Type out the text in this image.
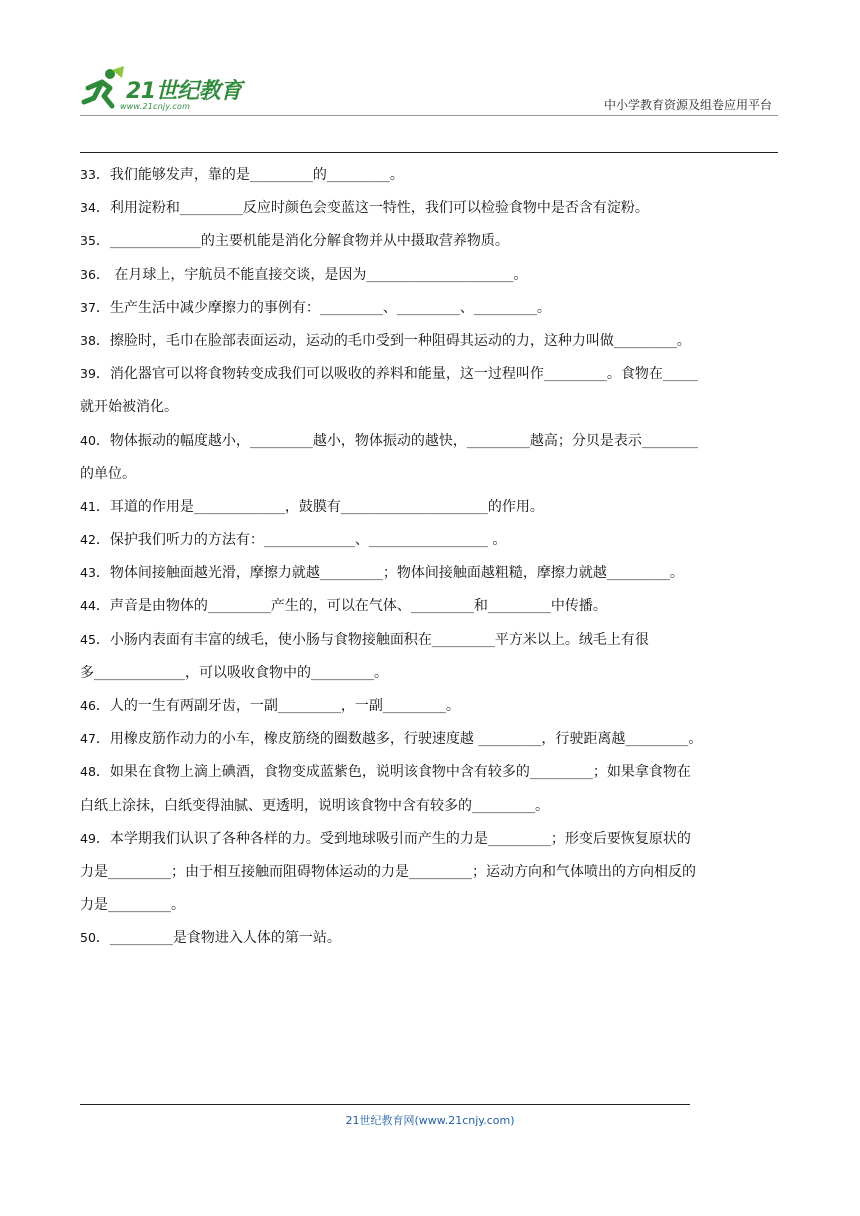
21世纪教育
www.21cnjy.com	中小学教育资源及组卷应用平台
33．我们能够发声，靠的是_________的_________。
34．利用淀粉和_________反应时颜色会变蓝这一特性，我们可以检验食物中是否含有淀粉。
35．_____________的主要机能是消化分解食物并从中摄取营养物质。
36． 在月球上，宇航员不能直接交谈，是因为_____________________。
37．生产生活中减少摩擦力的事例有：_________、_________、_________。
38．擦脸时，毛巾在脸部表面运动，运动的毛巾受到一种阻碍其运动的力，这种力叫做_________。
39．消化器官可以将食物转变成我们可以吸收的养料和能量，这一过程叫作_________。食物在_____
就开始被消化。
40．物体振动的幅度越小，_________越小，物体振动的越快，_________越高；分贝是表示________
的单位。
41．耳道的作用是_____________，鼓膜有_____________________的作用。
42．保护我们听力的方法有：_____________、_________________ 。
43．物体间接触面越光滑，摩擦力就越_________；物体间接触面越粗糙，摩擦力就越_________。
44．声音是由物体的_________产生的，可以在气体、_________和_________中传播。
45．小肠内表面有丰富的绒毛，使小肠与食物接触面积在_________平方米以上。绒毛上有很
多_____________，可以吸收食物中的_________。
46．人的一生有两副牙齿，一副_________，一副_________。
47．用橡皮筋作动力的小车，橡皮筋绕的圈数越多，行驶速度越 _________，行驶距离越_________。
48．如果在食物上滴上碘酒，食物变成蓝紫色，说明该食物中含有较多的_________；如果拿食物在
白纸上涂抹，白纸变得油腻、更透明，说明该食物中含有较多的_________。
49．本学期我们认识了各种各样的力。受到地球吸引而产生的力是_________；形变后要恢复原状的
力是_________；由于相互接触而阻碍物体运动的力是_________；运动方向和气体喷出的方向相反的
力是_________。
50．_________是食物进入人体的第一站。
21世纪教育网(www.21cnjy.com)
